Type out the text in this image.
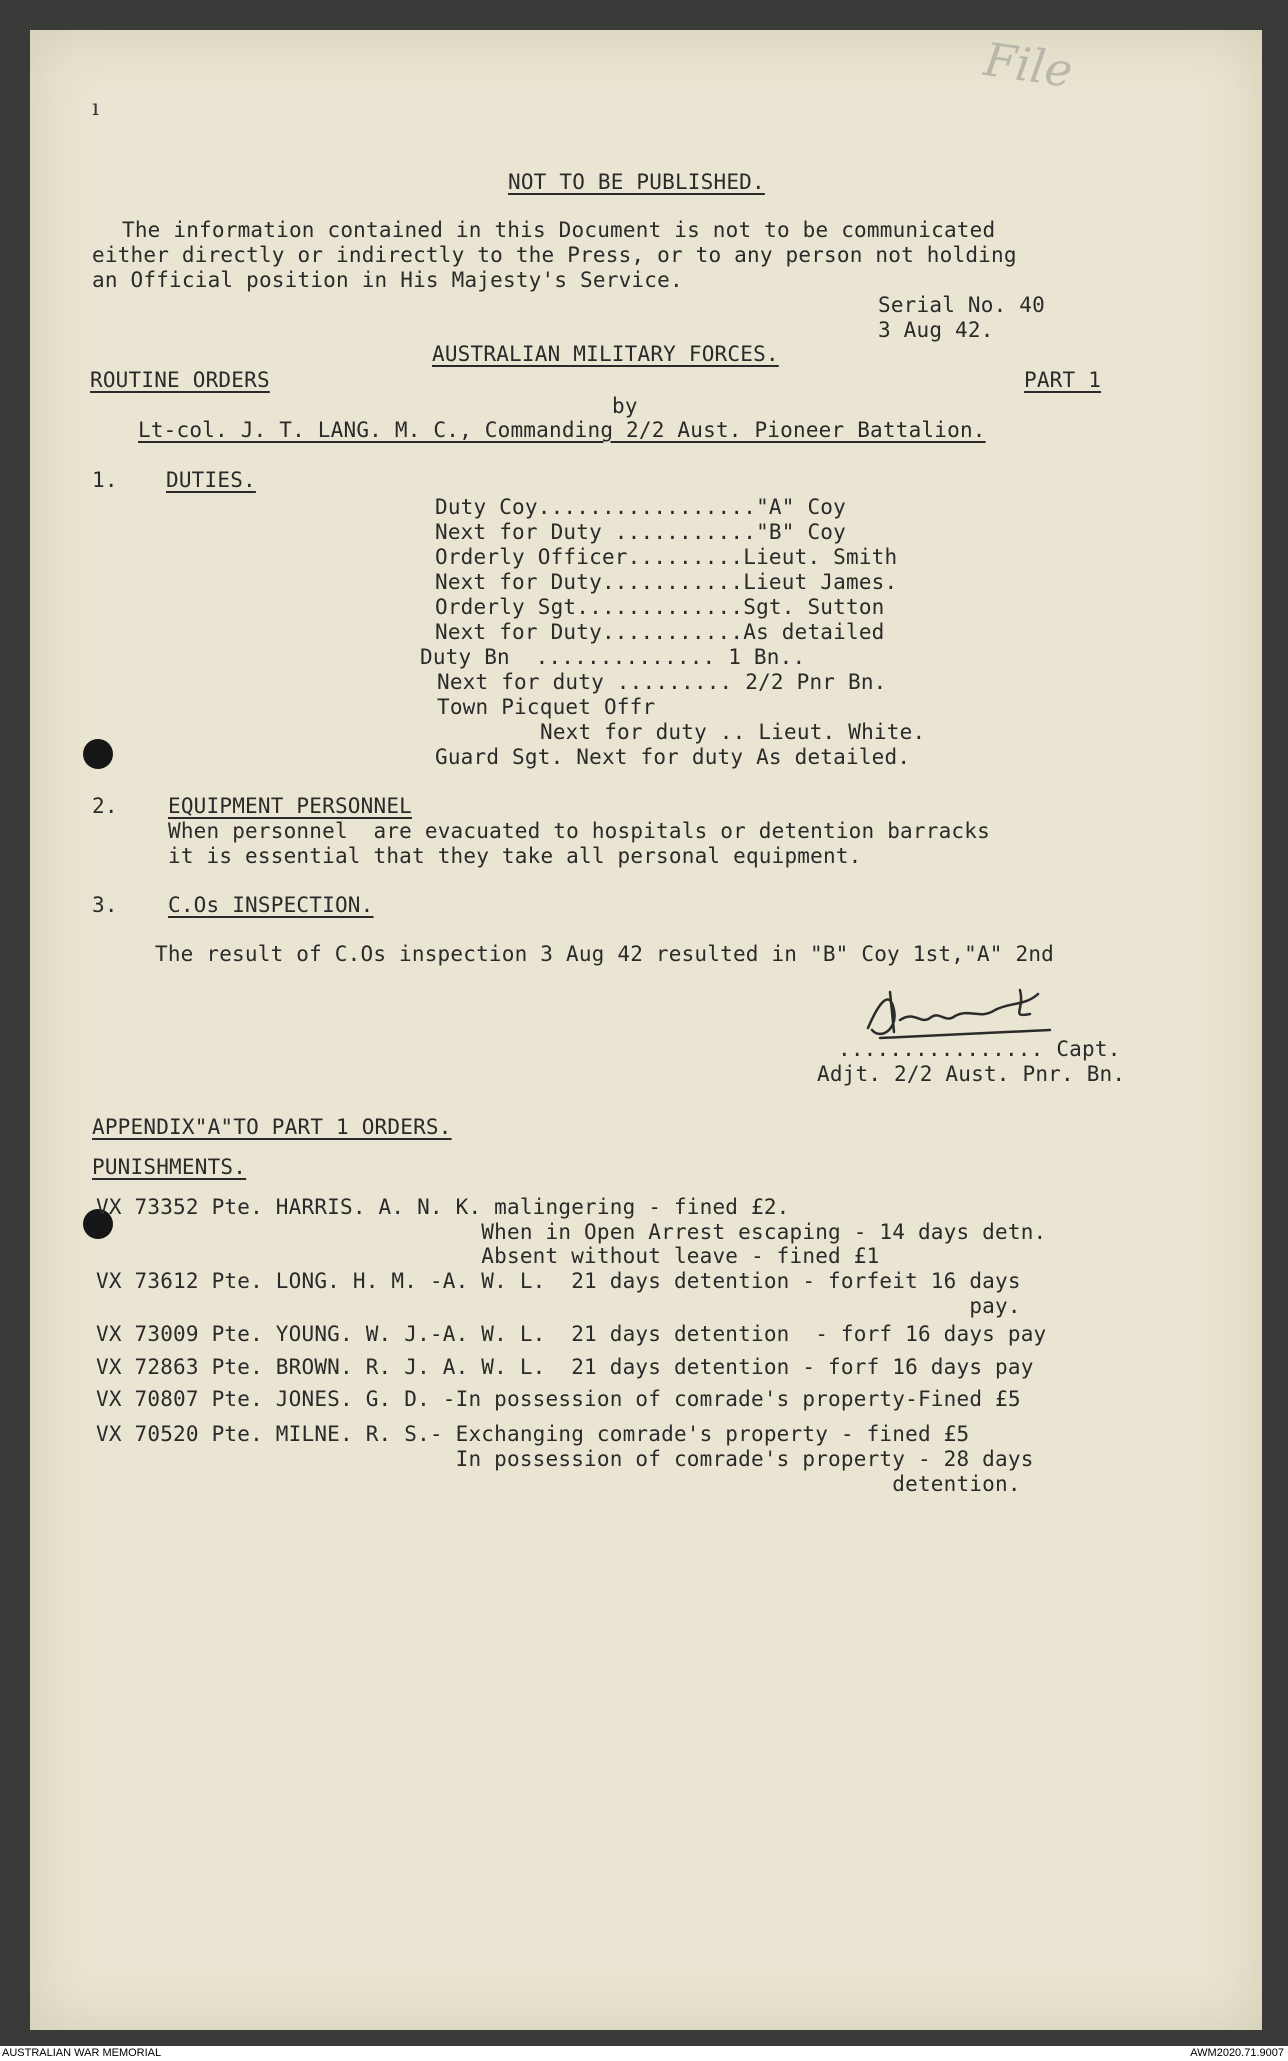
File
ı
NOT TO BE PUBLISHED.
The information contained in this Document is not to be communicated
either directly or indirectly to the Press, or to any person not holding
an Official position in His Majesty's Service.
Serial No. 40
3 Aug 42.
AUSTRALIAN MILITARY FORCES.
ROUTINE ORDERS	PART 1
by
Lt-col. J. T. LANG. M. C., Commanding 2/2 Aust. Pioneer Battalion.
1. DUTIES.
Duty Coy................."A" Coy
Next for Duty ..........."B" Coy
Orderly Officer.........Lieut. Smith
Next for Duty...........Lieut James.
Orderly Sgt.............Sgt. Sutton
Next for Duty...........As detailed
Duty Bn  .............. 1 Bn..
Next for duty ......... 2/2 Pnr Bn.
Town Picquet Offr
Next for duty .. Lieut. White.
Guard Sgt. Next for duty As detailed.
2. EQUIPMENT PERSONNEL
When personnel  are evacuated to hospitals or detention barracks
it is essential that they take all personal equipment.
3. C.Os INSPECTION.
The result of C.Os inspection 3 Aug 42 resulted in "B" Coy 1st,"A" 2nd
................ Capt.
Adjt. 2/2 Aust. Pnr. Bn.
APPENDIX"A"TO PART 1 ORDERS.
PUNISHMENTS.
VX 73352 Pte. HARRIS. A. N. K. malingering - fined £2.
When in Open Arrest escaping - 14 days detn.
Absent without leave - fined £1
VX 73612 Pte. LONG. H. M. -A. W. L.  21 days detention - forfeit 16 days
pay.
VX 73009 Pte. YOUNG. W. J.-A. W. L.  21 days detention  - forf 16 days pay
VX 72863 Pte. BROWN. R. J. A. W. L.  21 days detention - forf 16 days pay
VX 70807 Pte. JONES. G. D. -In possession of comrade's property-Fined £5
VX 70520 Pte. MILNE. R. S.- Exchanging comrade's property - fined £5
In possession of comrade's property - 28 days
detention.
AUSTRALIAN WAR MEMORIAL	AWM2020.71.9007
